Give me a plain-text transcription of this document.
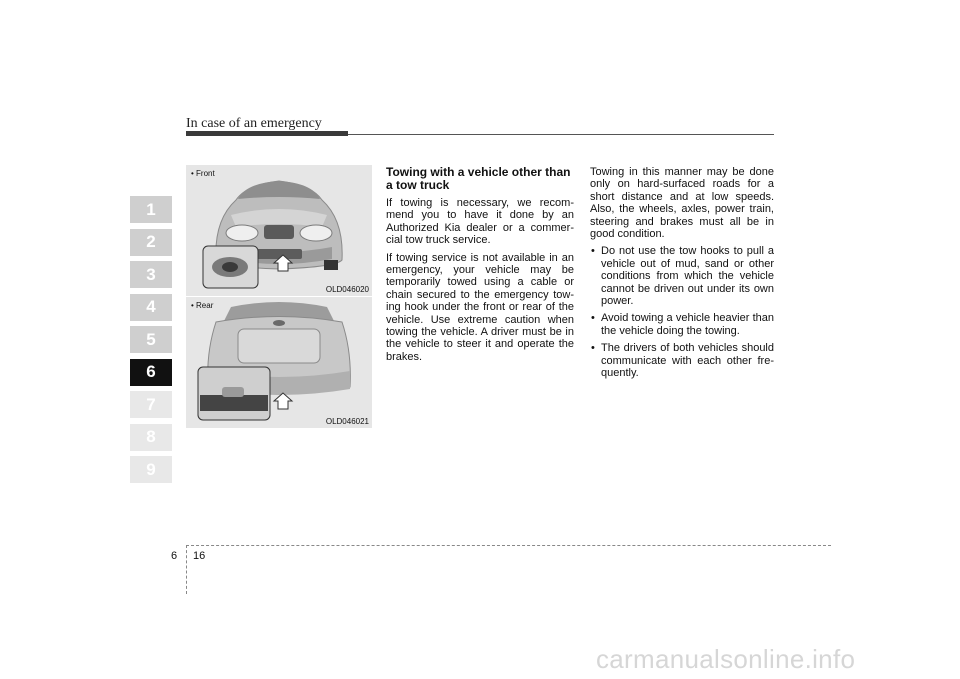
In case of an emergency
1
2
3
4
5
6
7
8
9
• Front
OLD046020
• Rear
OLD046021
Towing with a vehicle other than a tow truck

If towing is necessary, we recom-mend you to have it done by an Authorized Kia dealer or a commer-cial tow truck service.

If towing service is not available in an emergency, your vehicle may be temporarily towed using a cable or chain secured to the emergency tow-ing hook under the front or rear of the vehicle. Use extreme caution when towing the vehicle. A driver must be in the vehicle to steer it and operate the brakes.

Towing in this manner may be done only on hard-surfaced roads for a short distance and at low speeds. Also, the wheels, axles, power train, steering and brakes must all be in good condition.

• Do not use the tow hooks to pull a vehicle out of mud, sand or other conditions from which the vehicle cannot be driven out under its own power.
• Avoid towing a vehicle heavier than the vehicle doing the towing.
• The drivers of both vehicles should communicate with each other fre-quently.
6 16
carmanualsonline.info
